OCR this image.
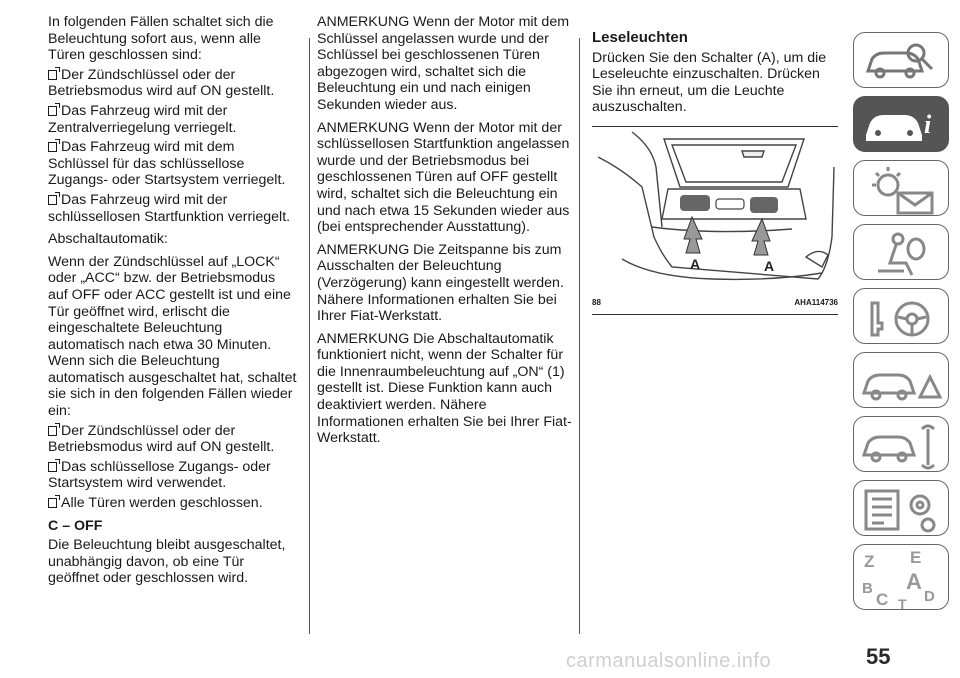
In folgenden Fällen schaltet sich die Beleuchtung sofort aus, wenn alle Türen geschlossen sind:

Der Zündschlüssel oder der Betriebsmodus wird auf ON gestellt.

Das Fahrzeug wird mit der Zentralverriegelung verriegelt.

Das Fahrzeug wird mit dem Schlüssel für das schlüssellose Zugangs- oder Startsystem verriegelt.

Das Fahrzeug wird mit der schlüssellosen Startfunktion verriegelt.

Abschaltautomatik:

Wenn der Zündschlüssel auf „LOCK“ oder „ACC“ bzw. der Betriebsmodus auf OFF oder ACC gestellt ist und eine Tür geöffnet wird, erlischt die eingeschaltete Beleuchtung automatisch nach etwa 30 Minuten. Wenn sich die Beleuchtung automatisch ausgeschaltet hat, schaltet sie sich in den folgenden Fällen wieder ein:

Der Zündschlüssel oder der Betriebsmodus wird auf ON gestellt.

Das schlüssellose Zugangs- oder Startsystem wird verwendet.

Alle Türen werden geschlossen.

C – OFF

Die Beleuchtung bleibt ausgeschaltet, unabhängig davon, ob eine Tür geöffnet oder geschlossen wird.

ANMERKUNG Wenn der Motor mit dem Schlüssel angelassen wurde und der Schlüssel bei geschlossenen Türen abgezogen wird, schaltet sich die Beleuchtung ein und nach einigen Sekunden wieder aus.

ANMERKUNG Wenn der Motor mit der schlüssellosen Startfunktion angelassen wurde und der Betriebsmodus bei geschlossenen Türen auf OFF gestellt wird, schaltet sich die Beleuchtung ein und nach etwa 15 Sekunden wieder aus (bei entsprechender Ausstattung).

ANMERKUNG Die Zeitspanne bis zum Ausschalten der Beleuchtung (Verzögerung) kann eingestellt werden. Nähere Informationen erhalten Sie bei Ihrer Fiat-Werkstatt.

ANMERKUNG Die Abschaltautomatik funktioniert nicht, wenn der Schalter für die Innenraumbeleuchtung auf „ON“ (1) gestellt ist. Diese Funktion kann auch deaktiviert werden. Nähere Informationen erhalten Sie bei Ihrer Fiat-Werkstatt.

Leseleuchten

Drücken Sie den Schalter (A), um die Leseleuchte einzuschalten. Drücken Sie ihn erneut, um die Leuchte auszuschalten.

A	A
88	AHA114736
i
Z E
B A
C D
T
55
carmanualsonline.info
